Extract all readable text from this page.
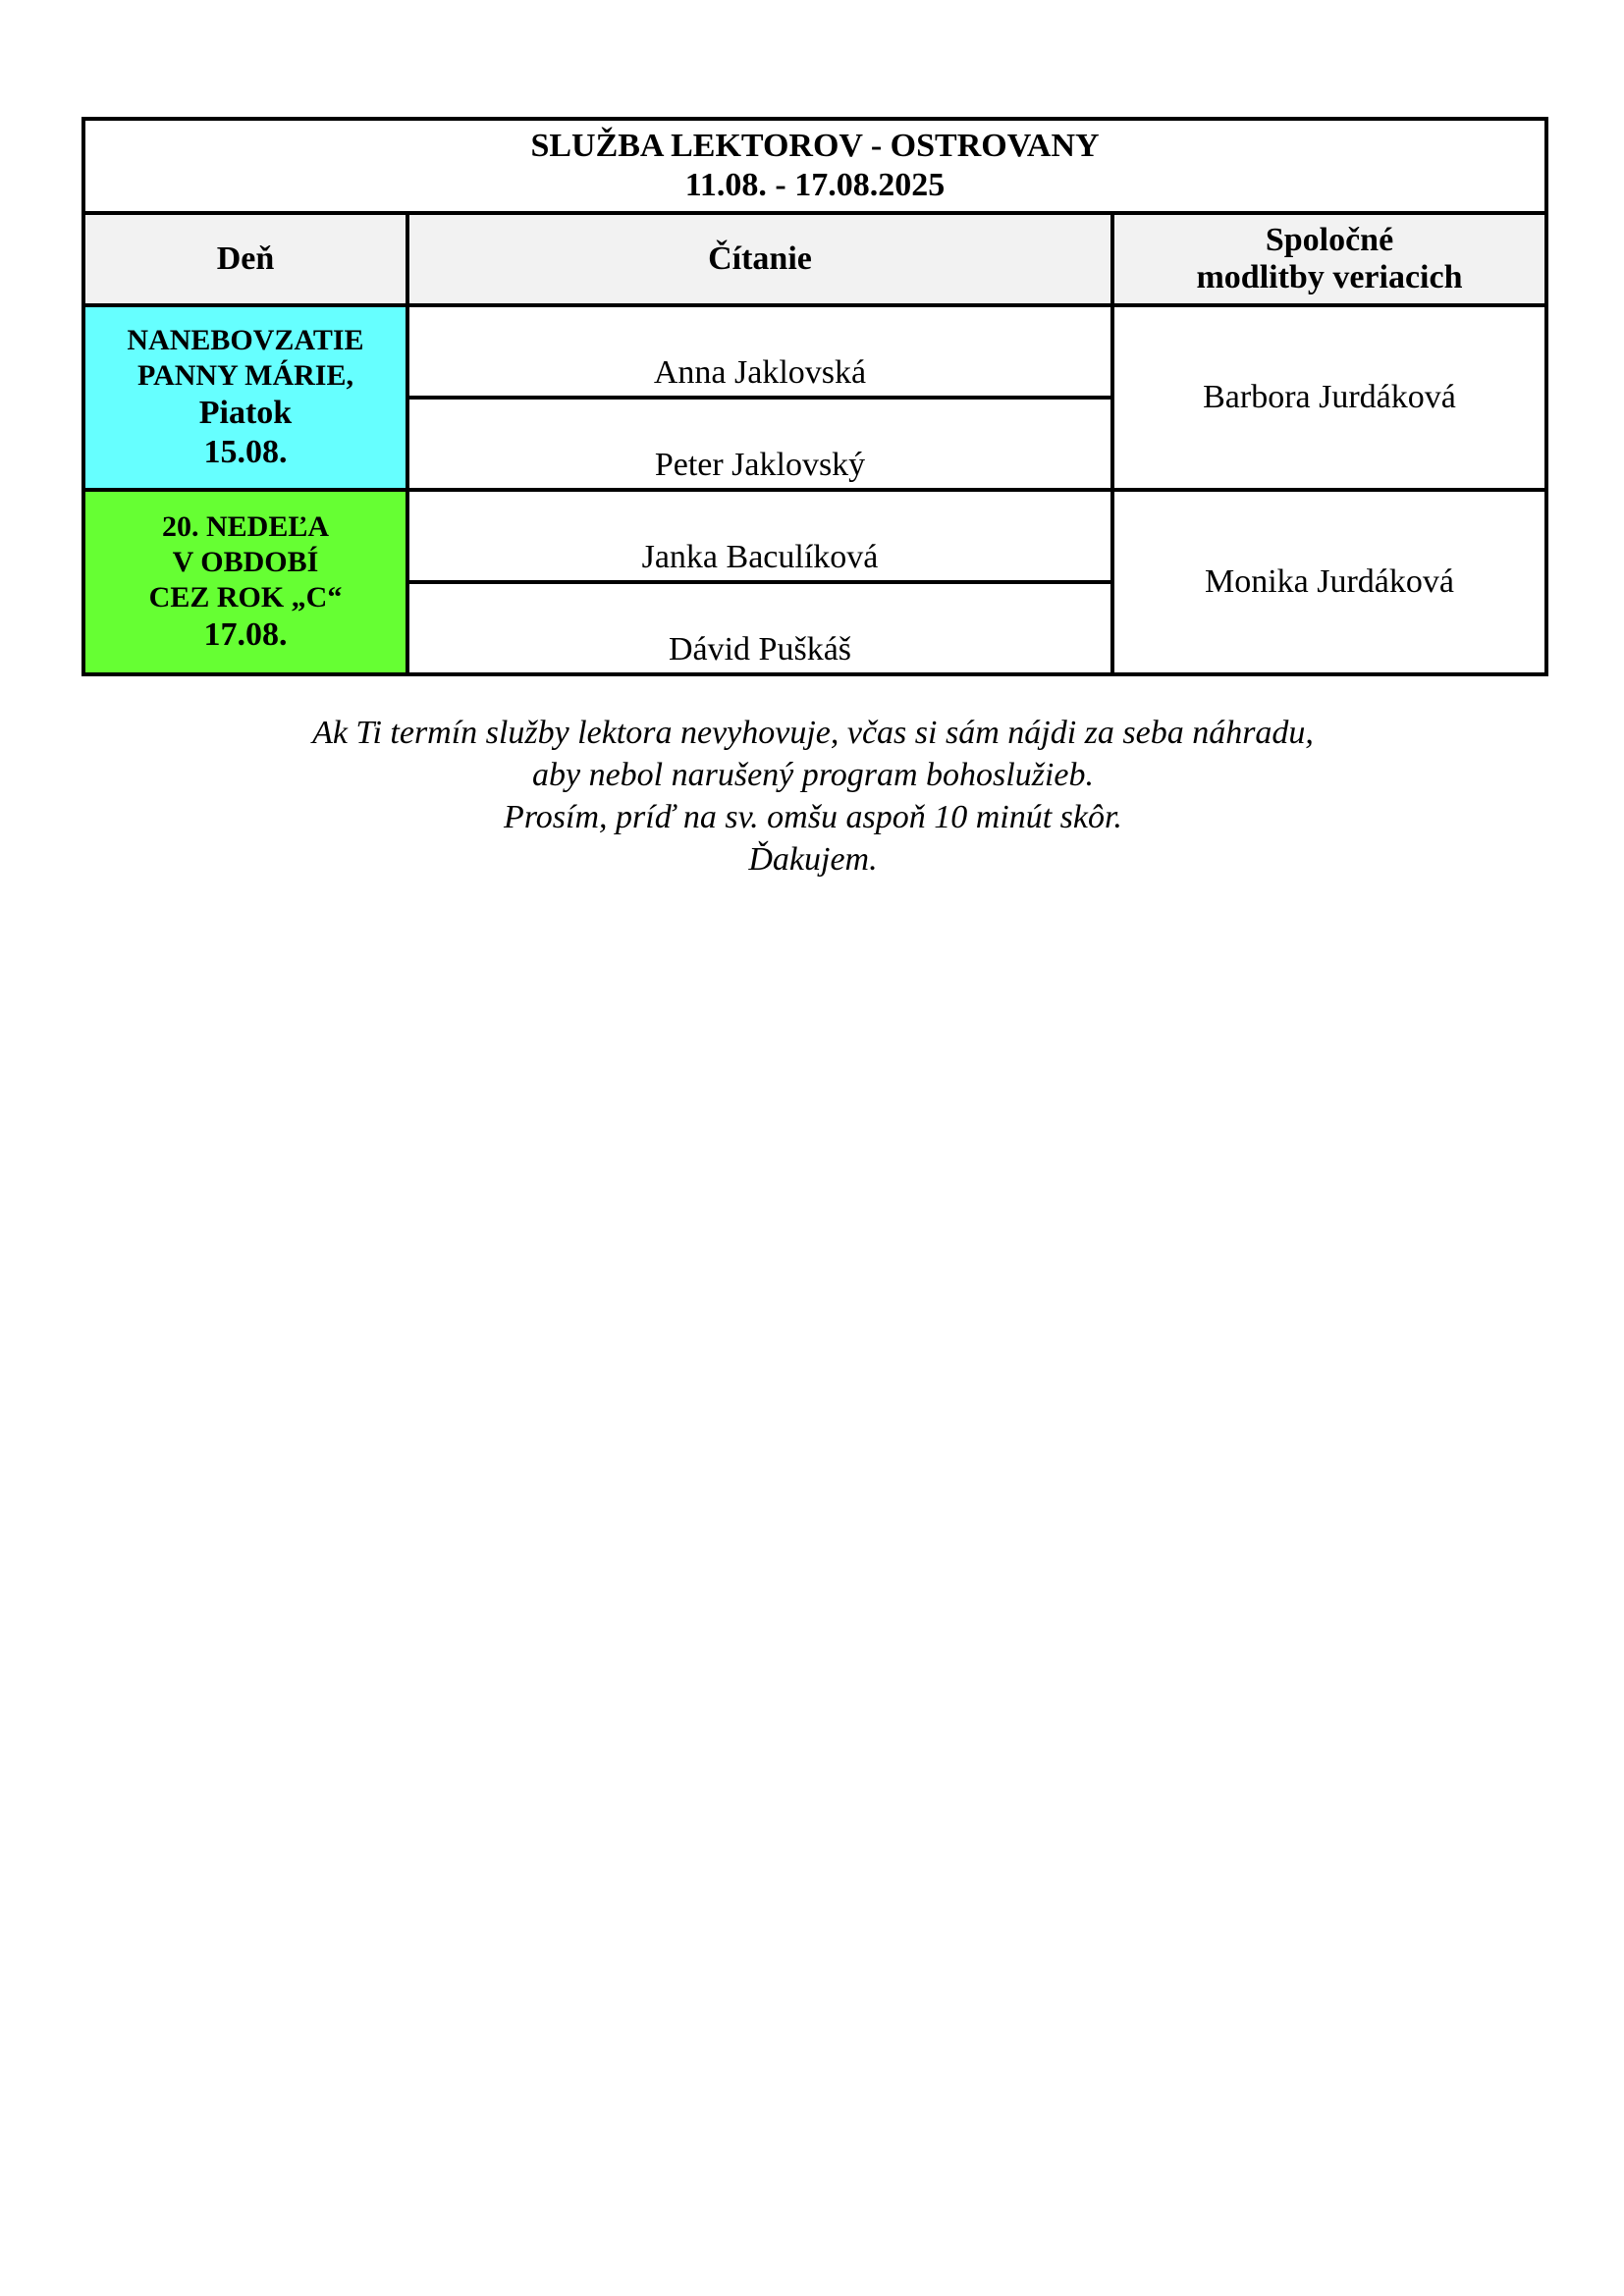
SLUŽBA LEKTOROV - OSTROVANY
11.08. - 17.08.2025		

Deň	Čítanie	Spoločné
modlitby veriacich

NANEBOVZATIE
PANNY MÁRIE,
Piatok
15.08.	Anna Jaklovská	Barbora Jurdáková
	Peter Jaklovský	

20. NEDEĽA
V OBDOBÍ
CEZ ROK „C“
17.08.	Janka Baculíková	Monika Jurdáková
	Dávid Puškáš	
Ak Ti termín služby lektora nevyhovuje, včas si sám nájdi za seba náhradu,
aby nebol narušený program bohoslužieb.
Prosím, príď na sv. omšu aspoň 10 minút skôr.
Ďakujem.
